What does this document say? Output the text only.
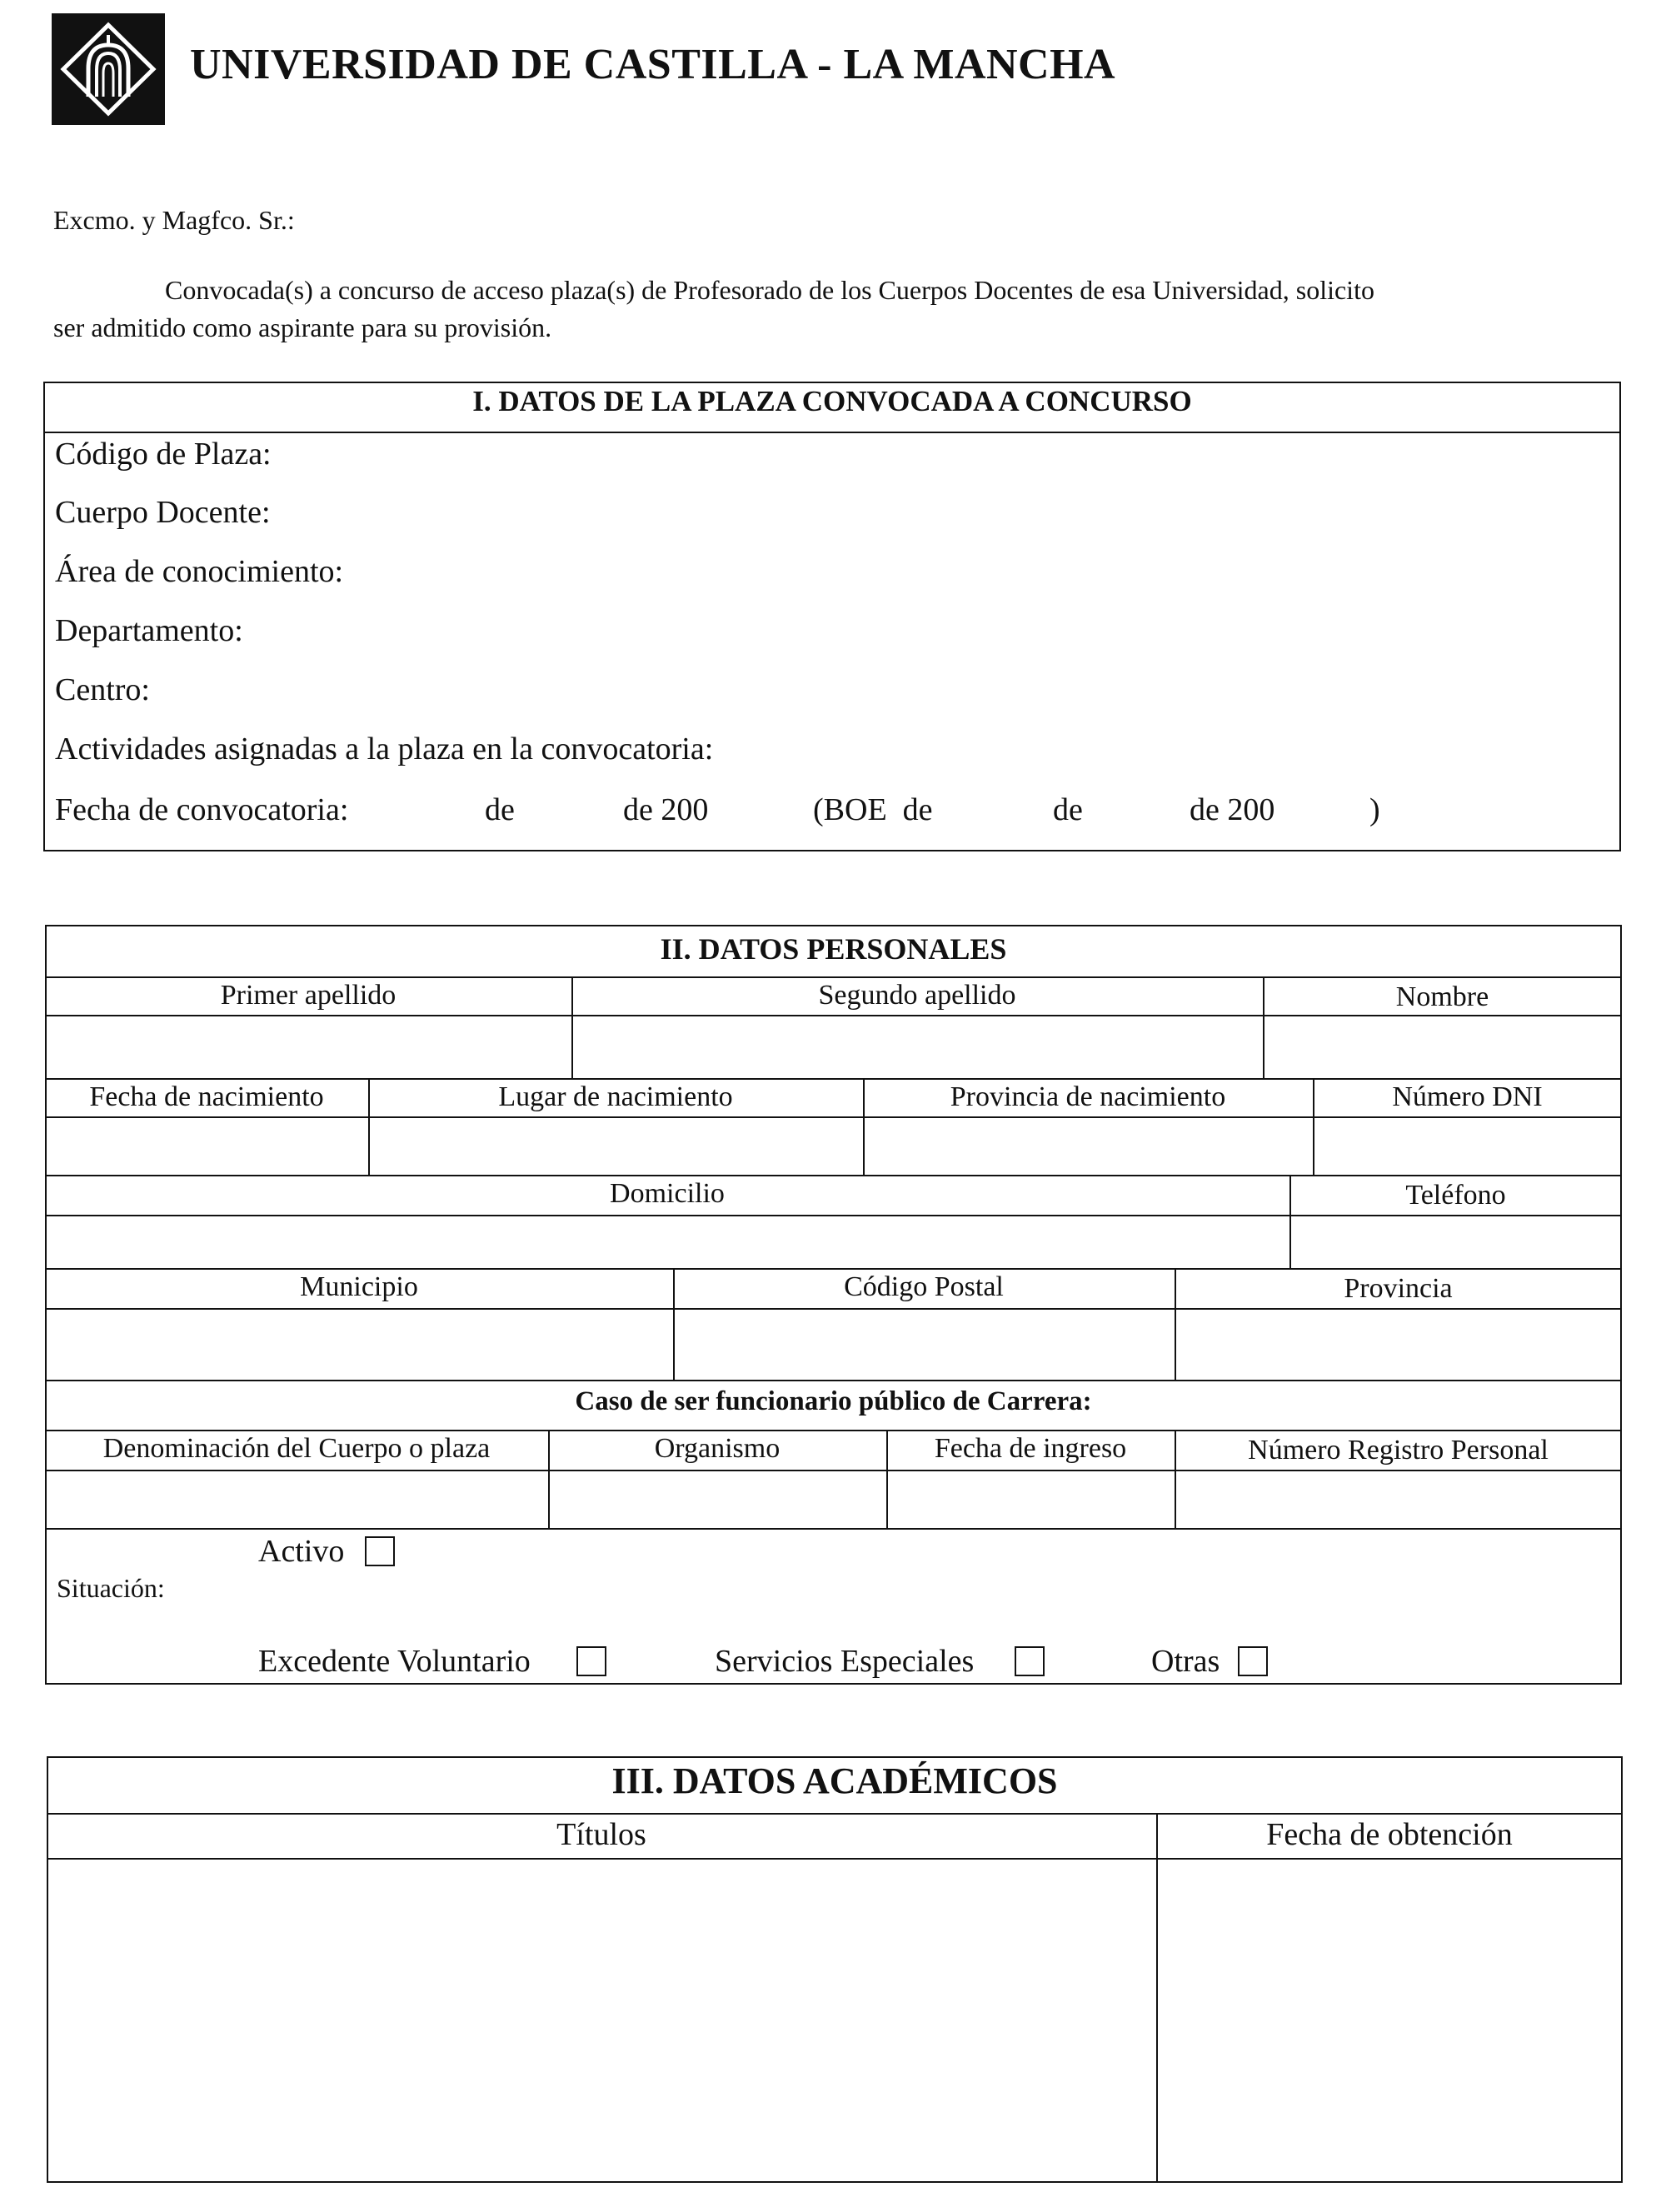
UNIVERSIDAD DE CASTILLA - LA MANCHA
Excmo. y Magfco. Sr.:
Convocada(s) a concurso de acceso plaza(s) de Profesorado de los Cuerpos Docentes de esa Universidad, solicito
ser admitido como aspirante para su provisión.
I. DATOS DE LA PLAZA CONVOCADA A CONCURSO
Código de Plaza:
Cuerpo Docente:
Área de conocimiento:
Departamento:
Centro:
Actividades asignadas a la plaza en la convocatoria:
Fecha de convocatoria:	de	de 200	(BOE  de	de	de 200	)
II. DATOS PERSONALES
Primer apellido	Segundo apellido	Nombre
Fecha de nacimiento	Lugar de nacimiento	Provincia de nacimiento	Número DNI
Domicilio	Teléfono
Municipio	Código Postal	Provincia
Caso de ser funcionario público de Carrera:
Denominación del Cuerpo o plaza	Organismo	Fecha de ingreso	Número Registro Personal
Situación:
Activo
Excedente Voluntario	Servicios Especiales	Otras
III. DATOS ACADÉMICOS
Títulos	Fecha de obtención
